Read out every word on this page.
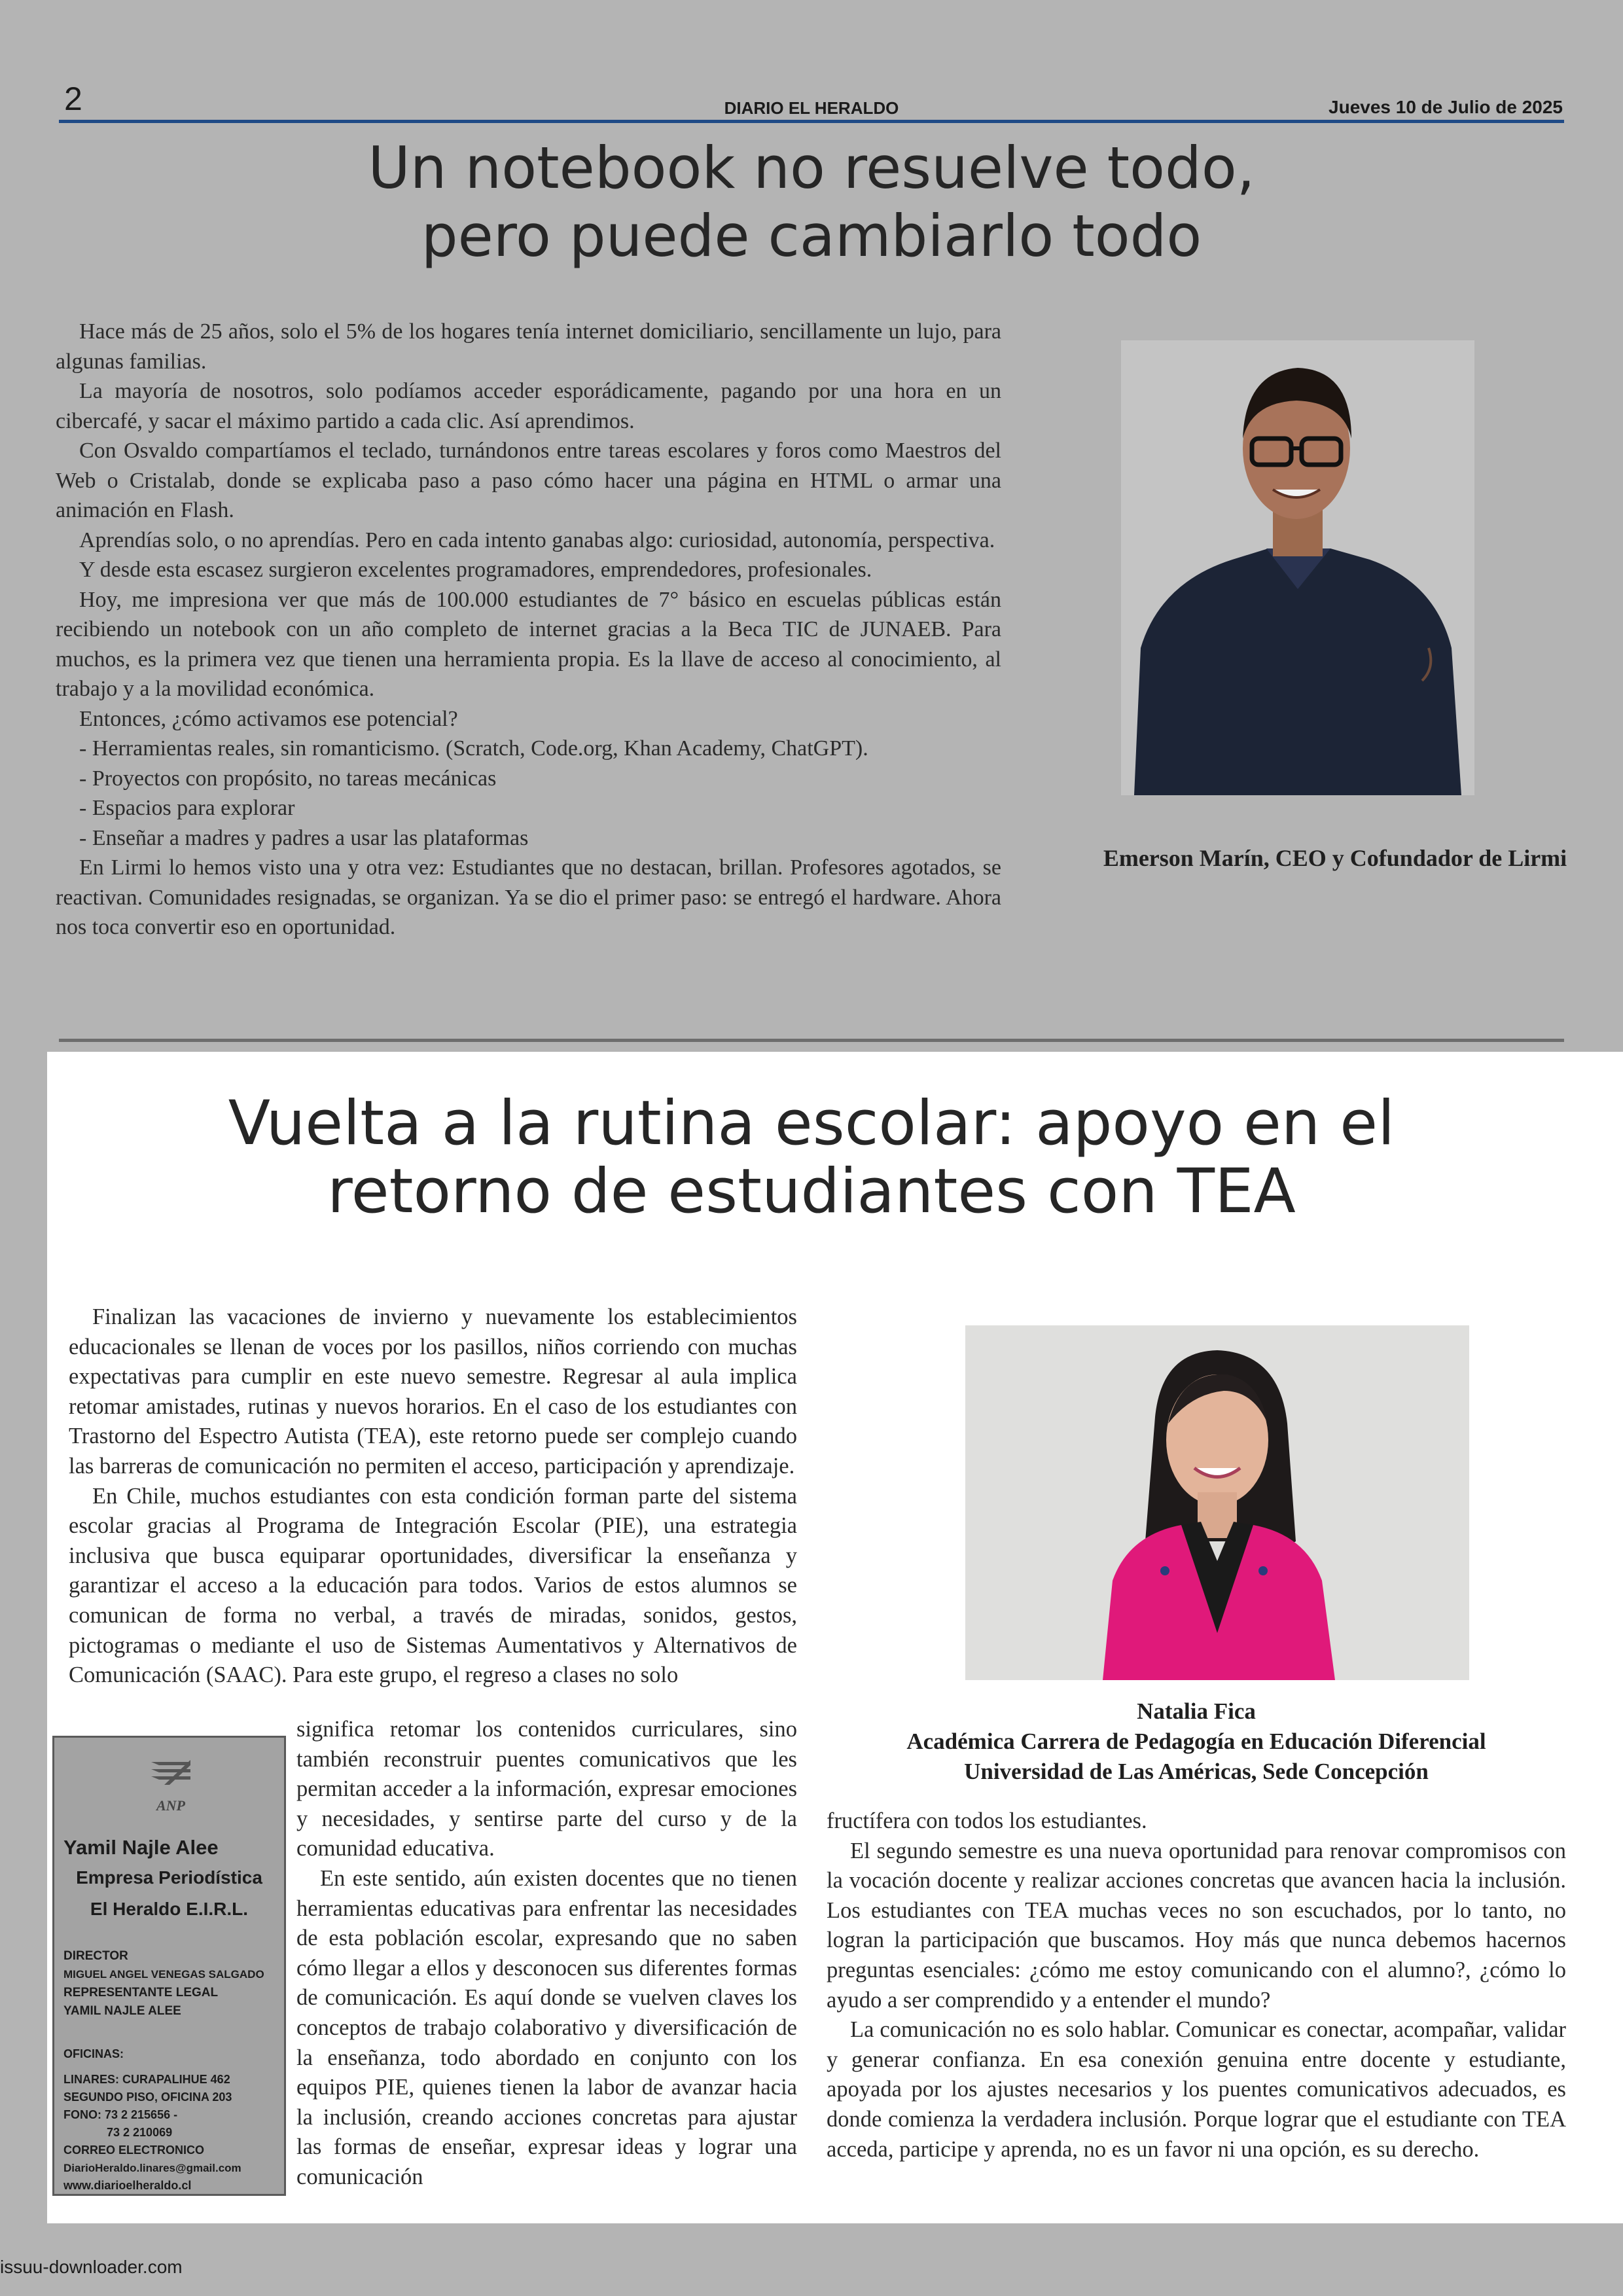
2	DIARIO EL HERALDO	Jueves 10 de Julio de 2025
Un notebook no resuelve todo,
pero puede cambiarlo todo

Hace más de 25 años, solo el 5% de los hogares tenía internet domiciliario, sencillamente un lujo, para algunas familias.

La mayoría de nosotros, solo podíamos acceder esporádicamente, pagando por una hora en un cibercafé, y sacar el máximo partido a cada clic. Así aprendimos.

Con Osvaldo compartíamos el teclado, turnándonos entre tareas escolares y foros como Maestros del Web o Cristalab, donde se explicaba paso a paso cómo hacer una página en HTML o armar una animación en Flash.

Aprendías solo, o no aprendías. Pero en cada intento ganabas algo: curiosidad, autonomía, perspectiva.

Y desde esta escasez surgieron excelentes programadores, emprendedores, profesionales.

Hoy, me impresiona ver que más de 100.000 estudiantes de 7° básico en escuelas públicas están recibiendo un notebook con un año completo de internet gracias a la Beca TIC de JUNAEB. Para muchos, es la primera vez que tienen una herramienta propia. Es la llave de acceso al conocimiento, al trabajo y a la movilidad económica.

Entonces, ¿cómo activamos ese potencial?

- Herramientas reales, sin romanticismo. (Scratch, Code.org, Khan Academy, ChatGPT).

- Proyectos con propósito, no tareas mecánicas

- Espacios para explorar

- Enseñar a madres y padres a usar las plataformas

En Lirmi lo hemos visto una y otra vez: Estudiantes que no destacan, brillan. Profesores agotados, se reactivan. Comunidades resignadas, se organizan. Ya se dio el primer paso: se entregó el hardware. Ahora nos toca convertir eso en oportunidad.

Emerson Marín, CEO y Cofundador de Lirmi
Vuelta a la rutina escolar: apoyo en el
retorno de estudiantes con TEA

Finalizan las vacaciones de invierno y nuevamente los establecimientos educacionales se llenan de voces por los pasillos, niños corriendo con muchas expectativas para cumplir en este nuevo semestre. Regresar al aula implica retomar amistades, rutinas y nuevos horarios. En el caso de los estudiantes con Trastorno del Espectro Autista (TEA), este retorno puede ser complejo cuando las barreras de comunicación no permiten el acceso, participación y aprendizaje.

En Chile, muchos estudiantes con esta condición forman parte del sistema escolar gracias al Programa de Integración Escolar (PIE), una estrategia inclusiva que busca equiparar oportunidades, diversificar la enseñanza y garantizar el acceso a la educación para todos. Varios de estos alumnos se comunican de forma no verbal, a través de miradas, sonidos, gestos, pictogramas o mediante el uso de Sistemas Aumentativos y Alternativos de Comunicación (SAAC). Para este grupo, el regreso a clases no solo

significa retomar los contenidos curriculares, sino también reconstruir puentes comunicativos que les permitan acceder a la información, expresar emociones y necesidades, y sentirse parte del curso y de la comunidad educativa.

En este sentido, aún existen docentes que no tienen herramientas educativas para enfrentar las necesidades de esta población escolar, expresando que no saben cómo llegar a ellos y desconocen sus diferentes formas de comunicación. Es aquí donde se vuelven claves los conceptos de trabajo colaborativo y diversificación de la enseñanza, todo abordado en conjunto con los equipos PIE, quienes tienen la labor de avanzar hacia la inclusión, creando acciones concretas para ajustar las formas de enseñar, expresar ideas y lograr una comunicación

Natalia Fica
Académica Carrera de Pedagogía en Educación Diferencial
Universidad de Las Américas, Sede Concepción

fructífera con todos los estudiantes.

El segundo semestre es una nueva oportunidad para renovar compromisos con la vocación docente y realizar acciones concretas que avancen hacia la inclusión. Los estudiantes con TEA muchas veces no son escuchados, por lo tanto, no logran la participación que buscamos. Hoy más que nunca debemos hacernos preguntas esenciales: ¿cómo me estoy comunicando con el alumno?, ¿cómo lo ayudo a ser comprendido y a entender el mundo?

La comunicación no es solo hablar. Comunicar es conectar, acompañar, validar y generar confianza. En esa conexión genuina entre docente y estudiante, apoyada por los ajustes necesarios y los puentes comunicativos adecuados, es donde comienza la verdadera inclusión. Porque lograr que el estudiante con TEA acceda, participe y aprenda, no es un favor ni una opción, es su derecho.

ANP
Yamil Najle Alee
Empresa Periodística
El Heraldo E.I.R.L.
DIRECTOR
MIGUEL ANGEL VENEGAS SALGADO
REPRESENTANTE LEGAL
YAMIL NAJLE ALEE
OFICINAS:
LINARES: CURAPALIHUE 462
SEGUNDO PISO, OFICINA 203
FONO: 73 2 215656 -
73 2 210069
CORREO ELECTRONICO
DiarioHeraldo.linares@gmail.com
www.diarioelheraldo.cl
issuu-downloader.com
